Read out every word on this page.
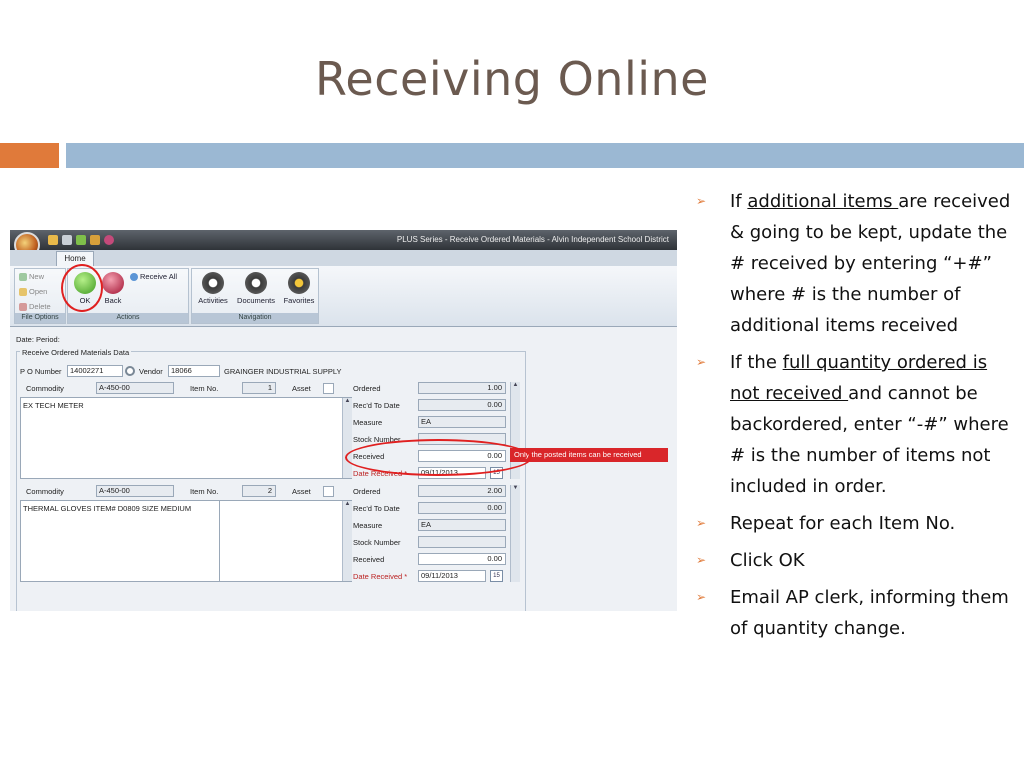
Receiving Online
PLUS Series - Receive Ordered Materials - Alvin Independent School District
Home
New
Open
Delete
File Options
OK	Back
Receive All
Actions
Activities	Documents	Favorites
Navigation
Date: Period:
Receive Ordered Materials Data
P O Number	14002271	Vendor	18066	GRAINGER INDUSTRIAL SUPPLY
Commodity	A-450-00	Item No.	1	Asset
EX TECH METER	▲
Ordered	1.00
Rec'd To Date	0.00
Measure	EA
Stock Number
Received	0.00
Date Received *	09/11/2013	15
▲
Commodity	A-450-00	Item No.	2	Asset
THERMAL GLOVES ITEM# D0809 SIZE MEDIUM	▲
Ordered	2.00
Rec'd To Date	0.00
Measure	EA
Stock Number
Received	0.00
Date Received *	09/11/2013	15
▼
Only the posted items can be received
➢ If additional items are received & going to be kept, update the # received by entering “+#” where # is the number of additional items received
➢ If the full quantity ordered is not received and cannot be backordered, enter “-#” where # is the number of items not included in order.
➢ Repeat for each Item No.
➢ Click OK
➢ Email AP clerk, informing them of quantity change.
